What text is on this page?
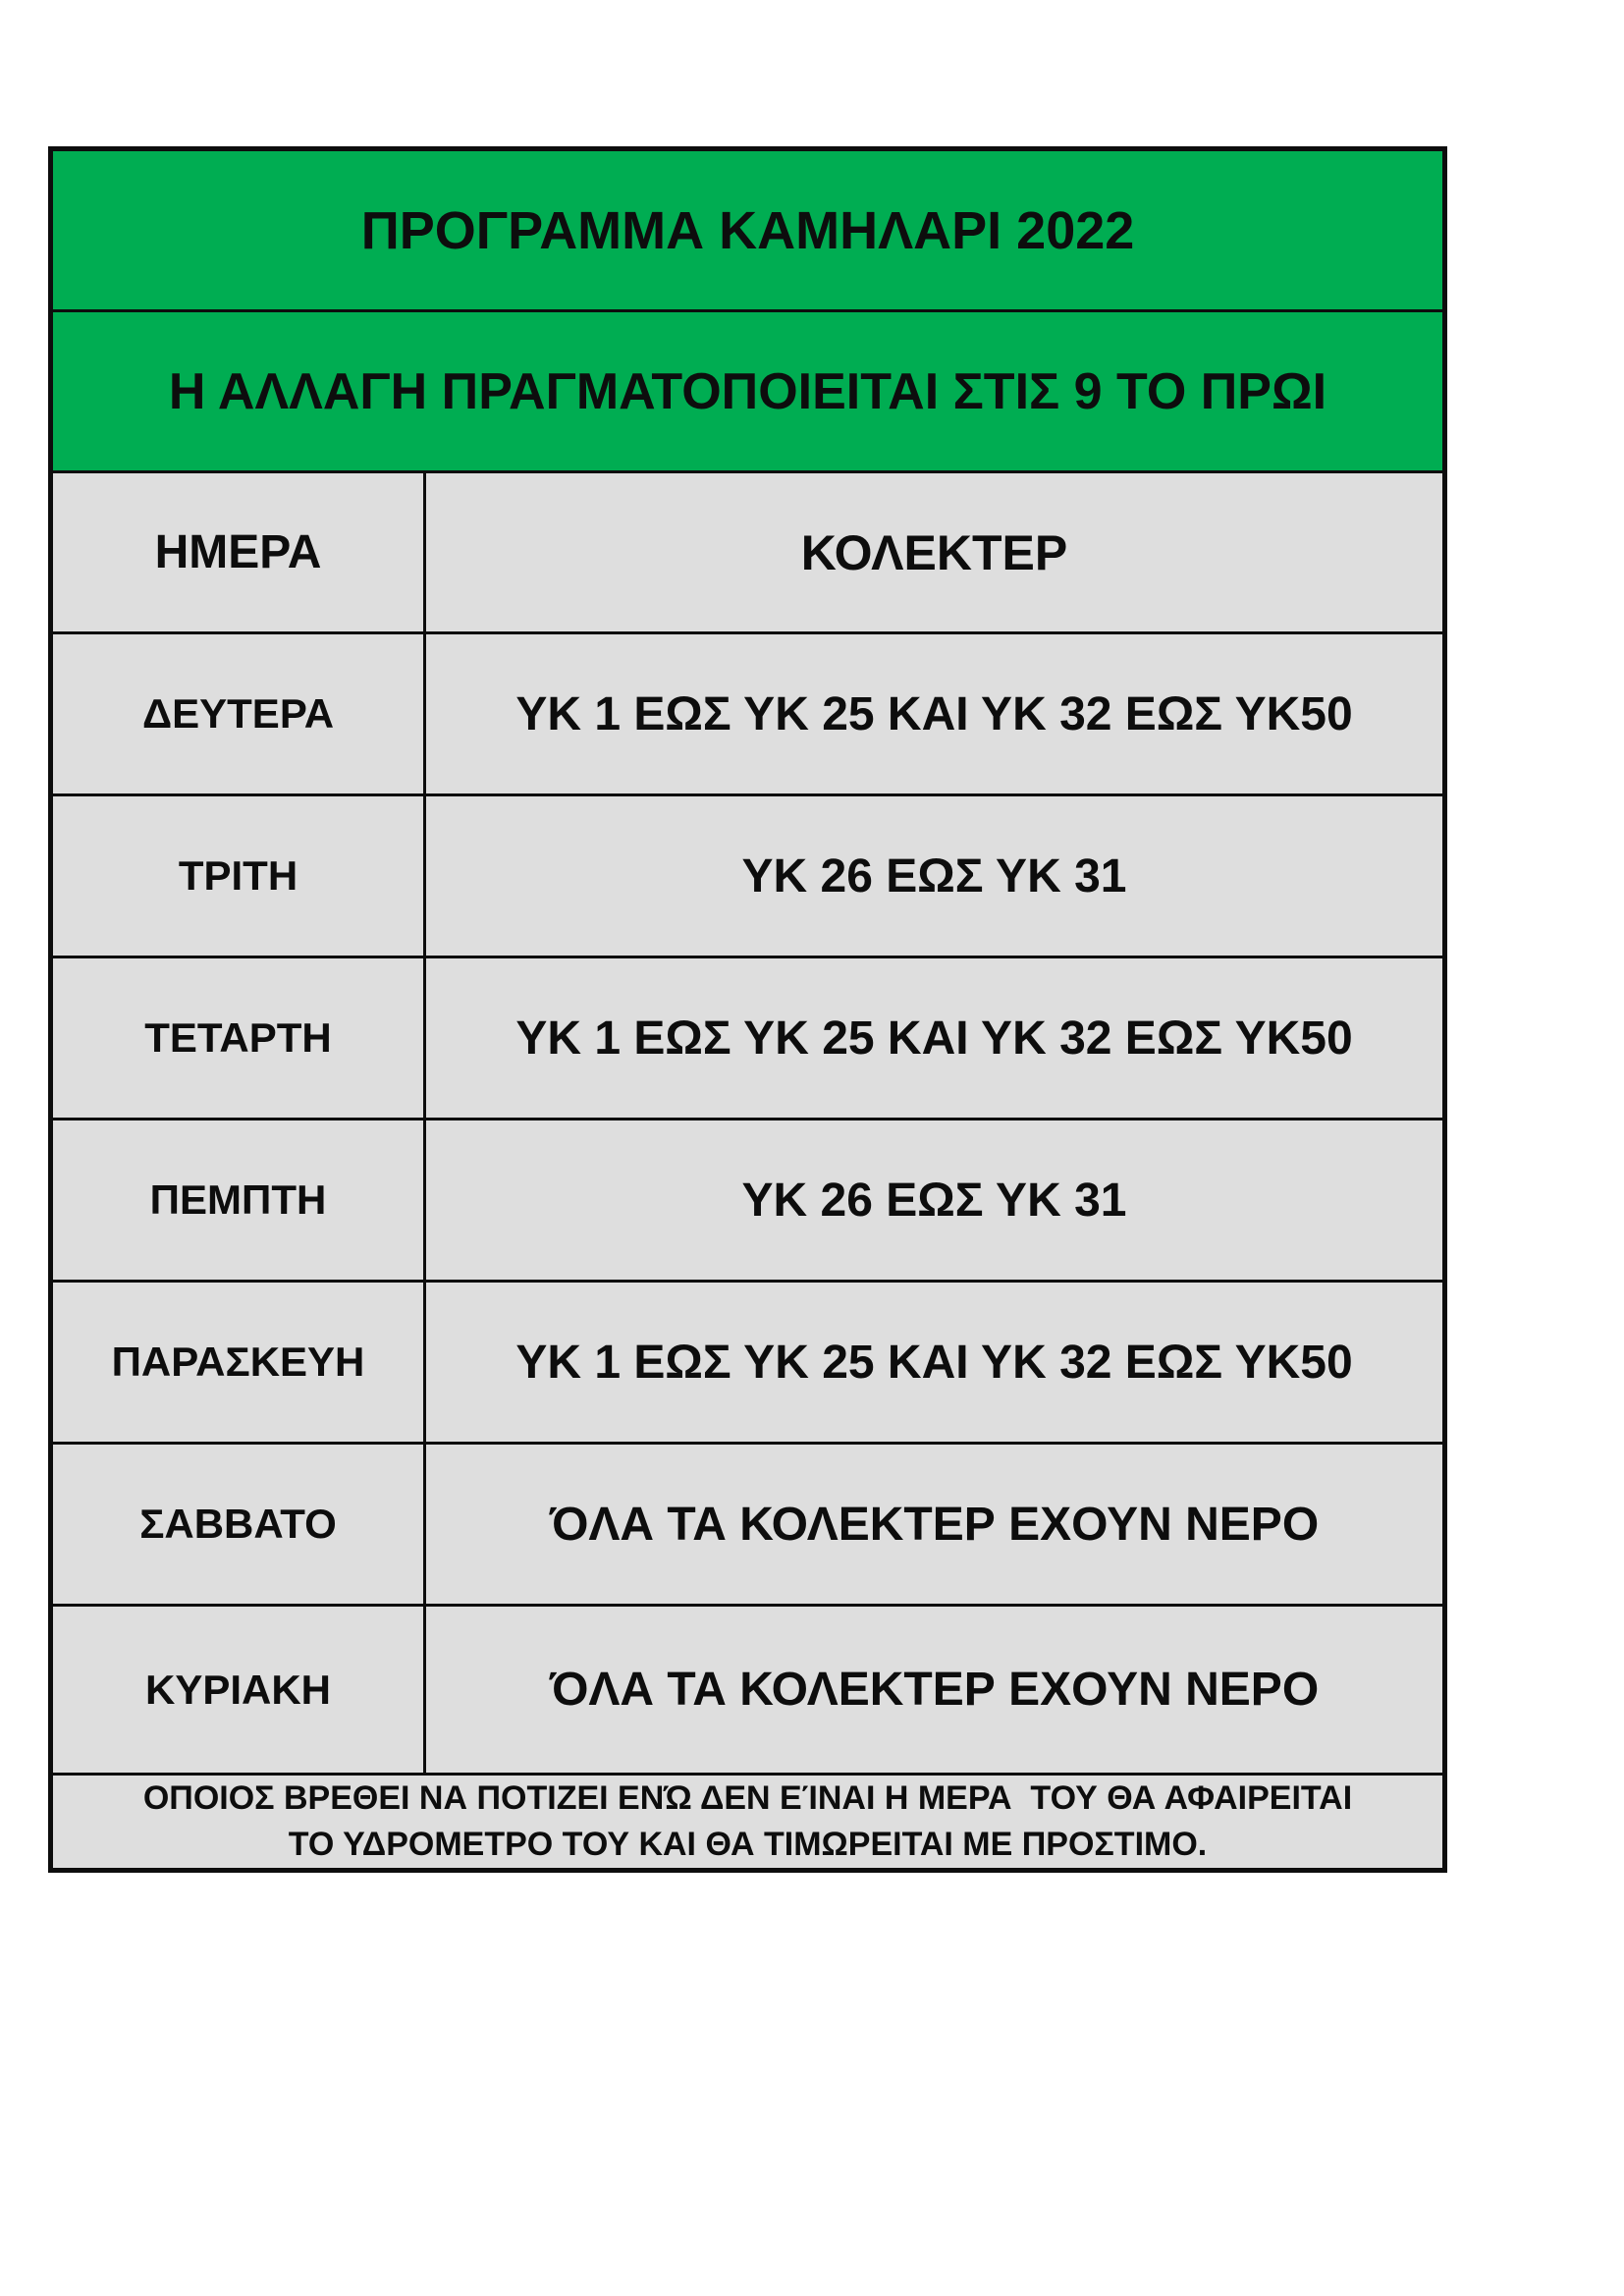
ΠΡΟΓΡΑΜΜΑ ΚΑΜΗΛΑΡΙ 2022
Η ΑΛΛΑΓΗ ΠΡΑΓΜΑΤΟΠΟΙΕΙΤΑΙ ΣΤΙΣ 9 ΤΟ ΠΡΩΙ
ΗΜΕΡΑ	ΚΟΛΕΚΤΕΡ
ΔΕΥΤΕΡΑ	ΥΚ 1 ΕΩΣ ΥΚ 25 ΚΑΙ ΥΚ 32 ΕΩΣ ΥΚ50
ΤΡΙΤΗ	ΥΚ 26 ΕΩΣ ΥΚ 31
ΤΕΤΑΡΤΗ	ΥΚ 1 ΕΩΣ ΥΚ 25 ΚΑΙ ΥΚ 32 ΕΩΣ ΥΚ50
ΠΕΜΠΤΗ	ΥΚ 26 ΕΩΣ ΥΚ 31
ΠΑΡΑΣΚΕΥΗ	ΥΚ 1 ΕΩΣ ΥΚ 25 ΚΑΙ ΥΚ 32 ΕΩΣ ΥΚ50
ΣΑΒΒΑΤΟ	ΌΛΑ ΤΑ ΚΟΛΕΚΤΕΡ ΕΧΟΥΝ ΝΕΡΟ
ΚΥΡΙΑΚΗ	ΌΛΑ ΤΑ ΚΟΛΕΚΤΕΡ ΕΧΟΥΝ ΝΕΡΟ
ΟΠΟΙΟΣ ΒΡΕΘΕΙ ΝΑ ΠΟΤΙΖΕΙ ΕΝΏ ΔΕΝ ΕΊΝΑΙ Η ΜΕΡΑ  ΤΟΥ ΘΑ ΑΦΑΙΡΕΙΤΑΙ
ΤΟ ΥΔΡΟΜΕΤΡΟ ΤΟΥ ΚΑΙ ΘΑ ΤΙΜΩΡΕΙΤΑΙ ΜΕ ΠΡΟΣΤΙΜΟ.
